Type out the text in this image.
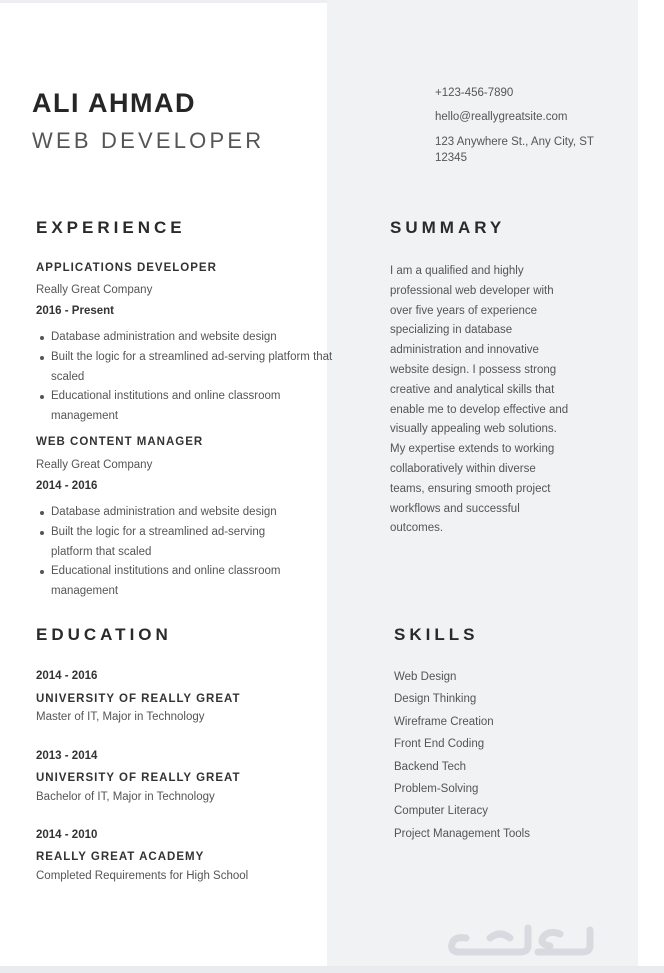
ALI AHMAD
WEB DEVELOPER
+123-456-7890
hello@reallygreatsite.com
123 Anywhere St., Any City, ST 12345
EXPERIENCE
APPLICATIONS DEVELOPER
Really Great Company
2016 - Present
Database administration and website design
Built the logic for a streamlined ad-serving platform that scaled
Educational institutions and online classroom management
WEB CONTENT MANAGER
Really Great Company
2014 - 2016
Database administration and website design
Built the logic for a streamlined ad-serving platform that scaled
Educational institutions and online classroom management
SUMMARY
I am a qualified and highly professional web developer with over five years of experience specializing in database administration and innovative website design. I possess strong creative and analytical skills that enable me to develop effective and visually appealing web solutions. My expertise extends to working collaboratively within diverse teams, ensuring smooth project workflows and successful outcomes.
EDUCATION
2014 - 2016
UNIVERSITY OF REALLY GREAT
Master of IT, Major in Technology
2013 - 2014
UNIVERSITY OF REALLY GREAT
Bachelor of IT, Major in Technology
2014 - 2010
REALLY GREAT ACADEMY
Completed Requirements for High School
SKILLS
Web Design
Design Thinking
Wireframe Creation
Front End Coding
Backend Tech
Problem-Solving
Computer Literacy
Project Management Tools
